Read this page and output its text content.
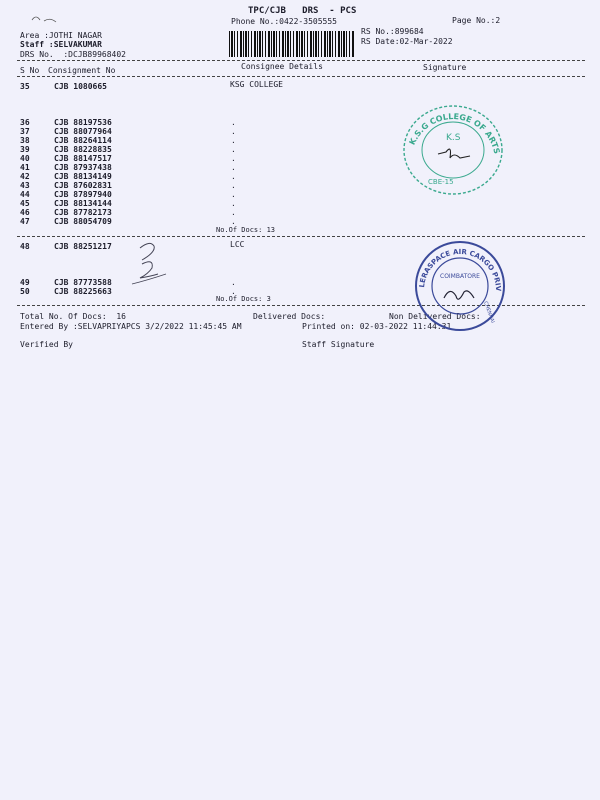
TPC/CJB   DRS  - PCS
Phone No.:0422-3505555	Page No.:2
Area :JOTHI NAGAR
Staff :SELVAKUMAR
DRS No.  :DCJB89968402
RS No.:899684
RS Date:02-Mar-2022
S No Consignment No	Consignee Details	Signature
35	CJB 1080665	KSG COLLEGE
36	CJB 88197536	.
37	CJB 88077964	.
38	CJB 88264114	.
39	CJB 88228835	.
40	CJB 88147517	.
41	CJB 87937438	.
42	CJB 88134149	.
43	CJB 87602831	.
44	CJB 87897940	.
45	CJB 88134144	.
46	CJB 87782173	.
47	CJB 88054709	.
48	CJB 88251217	LCC
49	CJB 87773588	.
50	CJB 88225663	.
No.Of Docs: 13
No.Of Docs: 3
Total No. Of Docs:  16	Delivered Docs:	Non Delivered Docs:
Entered By :SELVAPRIYAPCS 3/2/2022 11:45:45 AM	Printed on: 02-03-2022 11:44:31
Verified By	Staff Signature
K.S.G COLLEGE OF ARTS & SCIENCE
CBE-15
K.S
LERASPACE AIR CARGO PRIVATE LIMITED
COIMBATORE
CHENNAI
